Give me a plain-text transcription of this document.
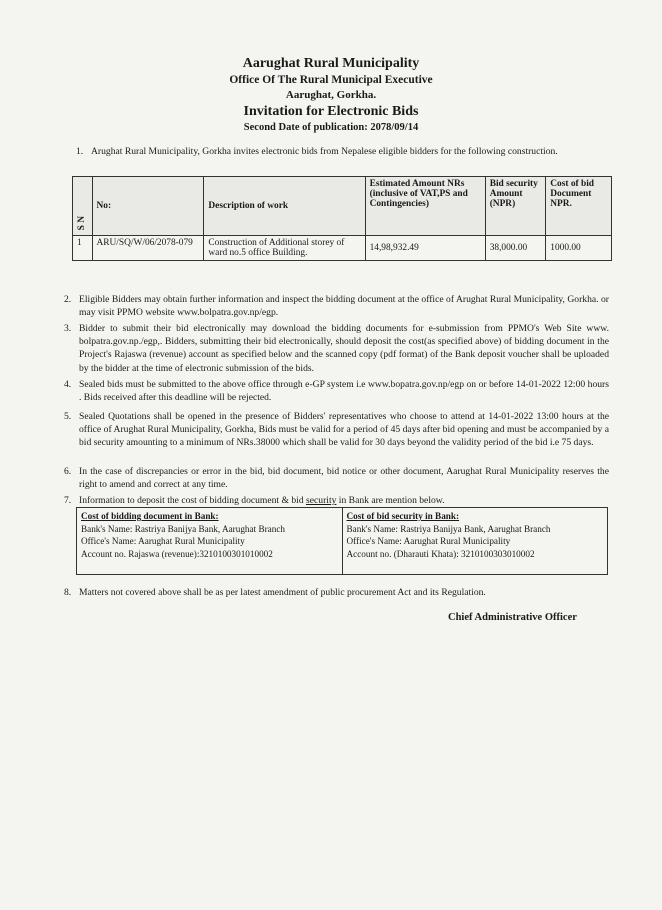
Aarughat Rural Municipality
Office Of The Rural Municipal Executive
Aarughat, Gorkha.
Invitation for Electronic Bids
Second Date of publication: 2078/09/14
1. Arughat Rural Municipality, Gorkha invites electronic bids from Nepalese eligible bidders for the following construction.
S N	No:	Description of work	Estimated Amount NRs (inclusive of VAT,PS and Contingencies)	Bid security Amount (NPR)	Cost of bid Document NPR.
1	ARU/SQ/W/06/2078-079	Construction of Additional storey of ward no.5 office Building.	14,98,932.49	38,000.00	1000.00
2. Eligible Bidders may obtain further information and inspect the bidding document at the office of Arughat Rural Municipality, Gorkha. or may visit PPMO website www.bolpatra.gov.np/egp.
3. Bidder to submit their bid electronically may download the bidding documents for e-submission from PPMO's Web Site www. bolpatra.gov.np./egp,. Bidders, submitting their bid electronically, should deposit the cost(as specified above) of bidding document in the Project's Rajaswa (revenue) account as specified below and the scanned copy (pdf format) of the Bank deposit voucher shall be uploaded by the bidder at the time of electronic submission of the bids.
4. Sealed bids must be submitted to the above office through e-GP system i.e www.bopatra.gov.np/egp on or before 14-01-2022 12:00 hours . Bids received after this deadline will be rejected.
5. Sealed Quotations shall be opened in the presence of Bidders' representatives who choose to attend at 14-01-2022 13:00 hours at the office of Arughat Rural Municipality, Gorkha, Bids must be valid for a period of 45 days after bid opening and must be accompanied by a bid security amounting to a minimum of NRs.38000 which shall be valid for 30 days beyond the validity period of the bid i.e 75 days.
6. In the case of discrepancies or error in the bid, bid document, bid notice or other document, Aarughat Rural Municipality reserves the right to amend and correct at any time.
7. Information to deposit the cost of bidding document & bid security in Bank are mention below.
Cost of bidding document in Bank:
Bank's Name: Rastriya Banijya Bank, Aarughat Branch
Office's Name: Aarughat Rural Municipality
Account no. Rajaswa (revenue):3210100301010002

Cost of bid security in Bank:
Bank's Name: Rastriya Banijya Bank, Aarughat Branch
Office's Name: Aarughat Rural Municipality
Account no. (Dharauti Khata): 3210100303010002
8. Matters not covered above shall be as per latest amendment of public procurement Act and its Regulation.
Chief Administrative Officer
